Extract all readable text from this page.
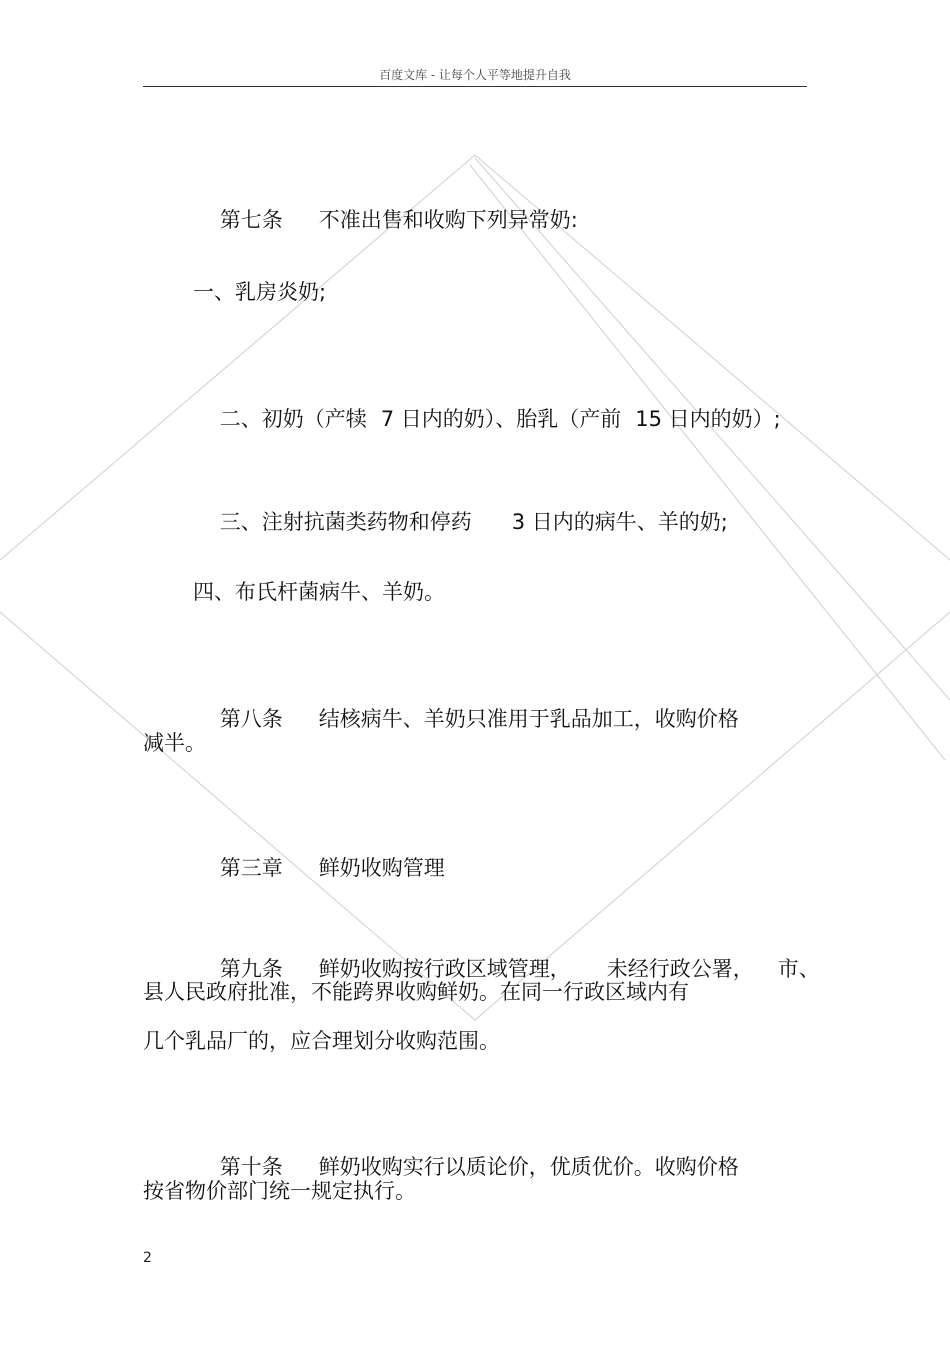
百度文库 - 让每个人平等地提升自我

第七条 不准出售和收购下列异常奶:

一、乳房炎奶;

二、初奶（产犊 7 日内的奶）、胎乳（产前 15 日内的奶）;

三、注射抗菌类药物和停药 3 日内的病牛、羊的奶;

四、布氏杆菌病牛、羊奶。

第八条 结核病牛、羊奶只准用于乳品加工，收购价格

减半。

第三章 鲜奶收购管理

第九条 鲜奶收购按行政区域管理， 未经行政公署， 市、

县人民政府批准，不能跨界收购鲜奶。在同一行政区域内有
几个乳品厂的，应合理划分收购范围。

第十条 鲜奶收购实行以质论价，优质优价。收购价格

按省物价部门统一规定执行。
2
